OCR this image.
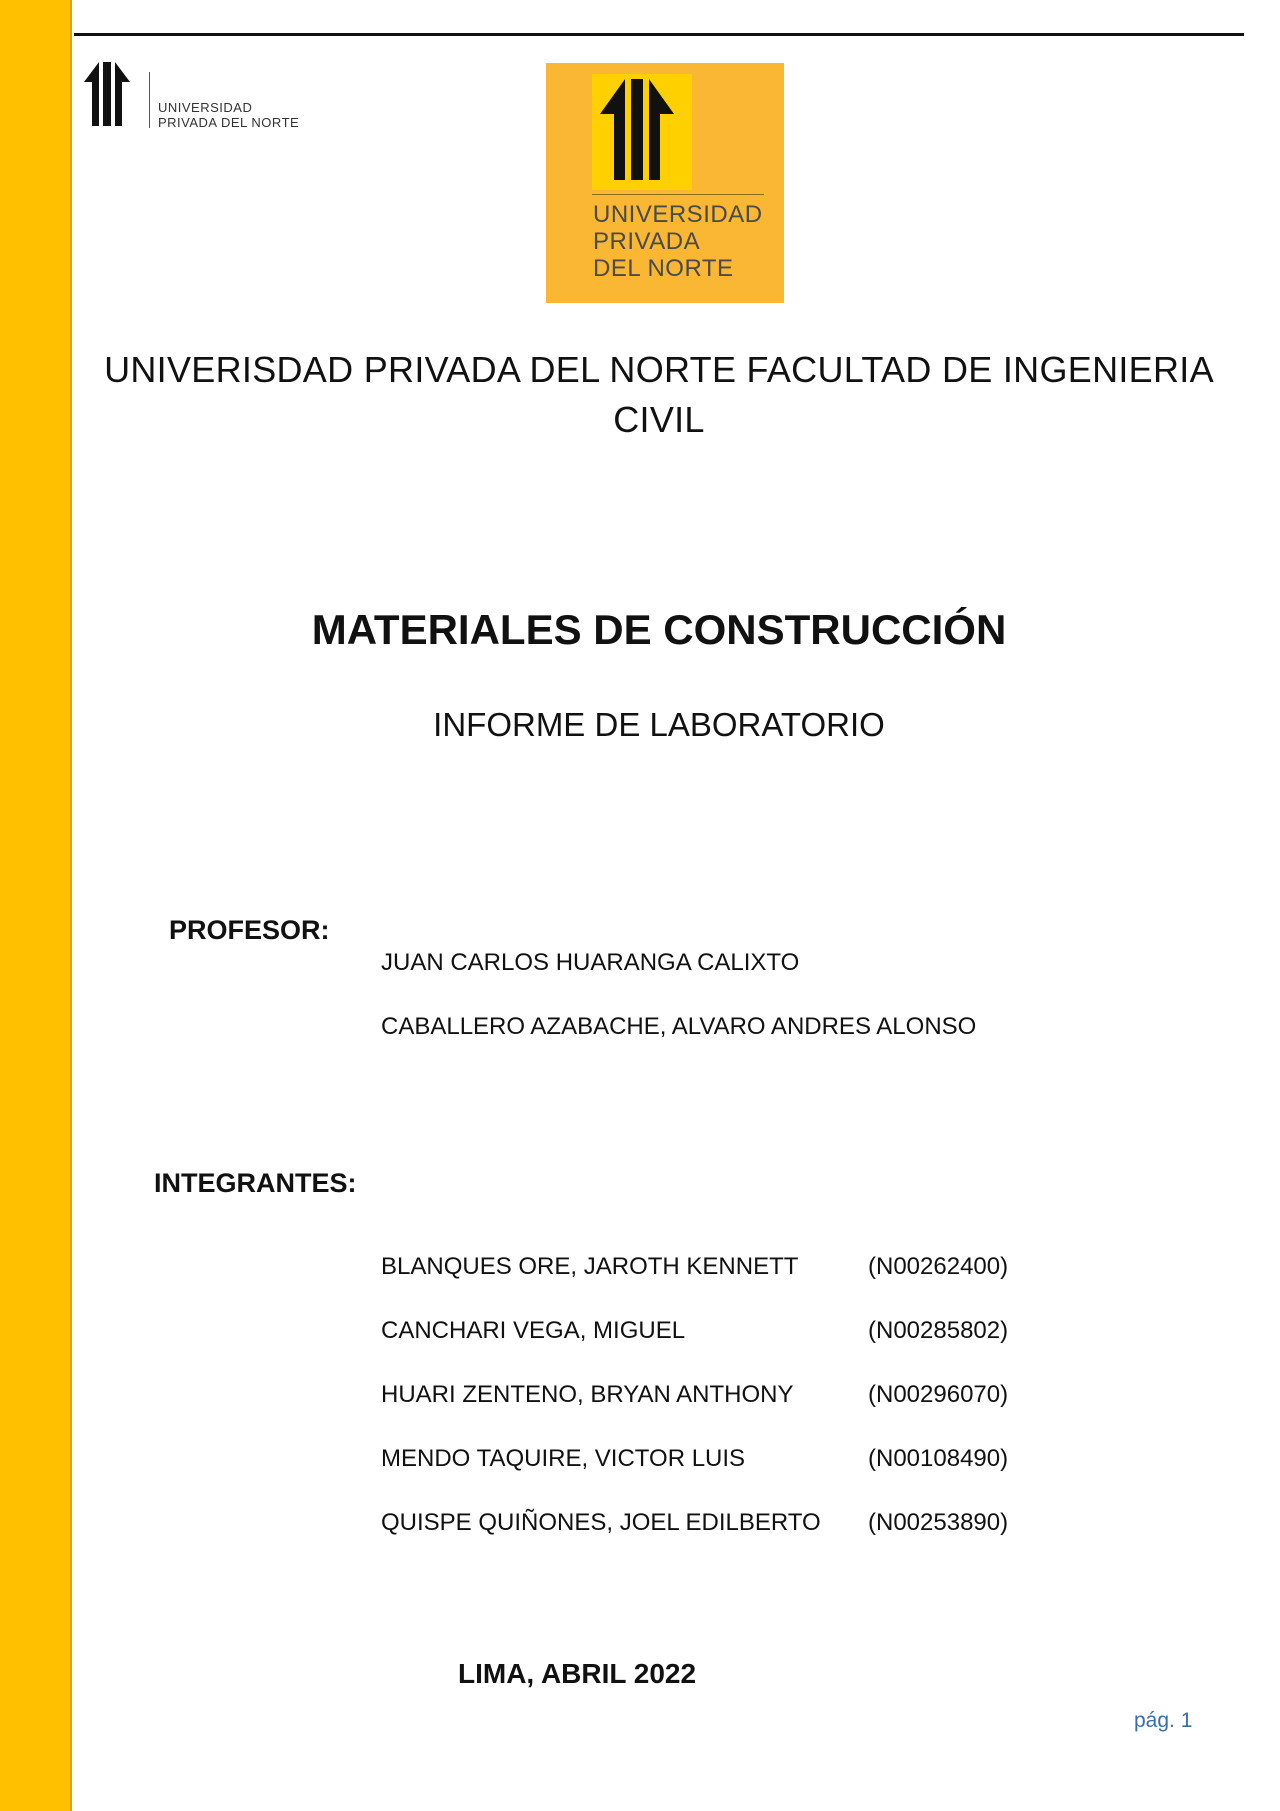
UNIVERSIDAD
PRIVADA DEL NORTE
UNIVERSIDAD
PRIVADA
DEL NORTE
UNIVERISDAD PRIVADA DEL NORTE FACULTAD DE INGENIERIA CIVIL
MATERIALES DE CONSTRUCCIÓN
INFORME DE LABORATORIO
PROFESOR:
JUAN CARLOS HUARANGA CALIXTO
CABALLERO AZABACHE, ALVARO ANDRES ALONSO
INTEGRANTES:
BLANQUES ORE, JAROTH KENNETT	(N00262400)
CANCHARI VEGA, MIGUEL	(N00285802)
HUARI ZENTENO, BRYAN ANTHONY	(N00296070)
MENDO TAQUIRE, VICTOR LUIS	(N00108490)
QUISPE QUIÑONES, JOEL EDILBERTO (N00253890)
LIMA, ABRIL 2022
pág. 1
